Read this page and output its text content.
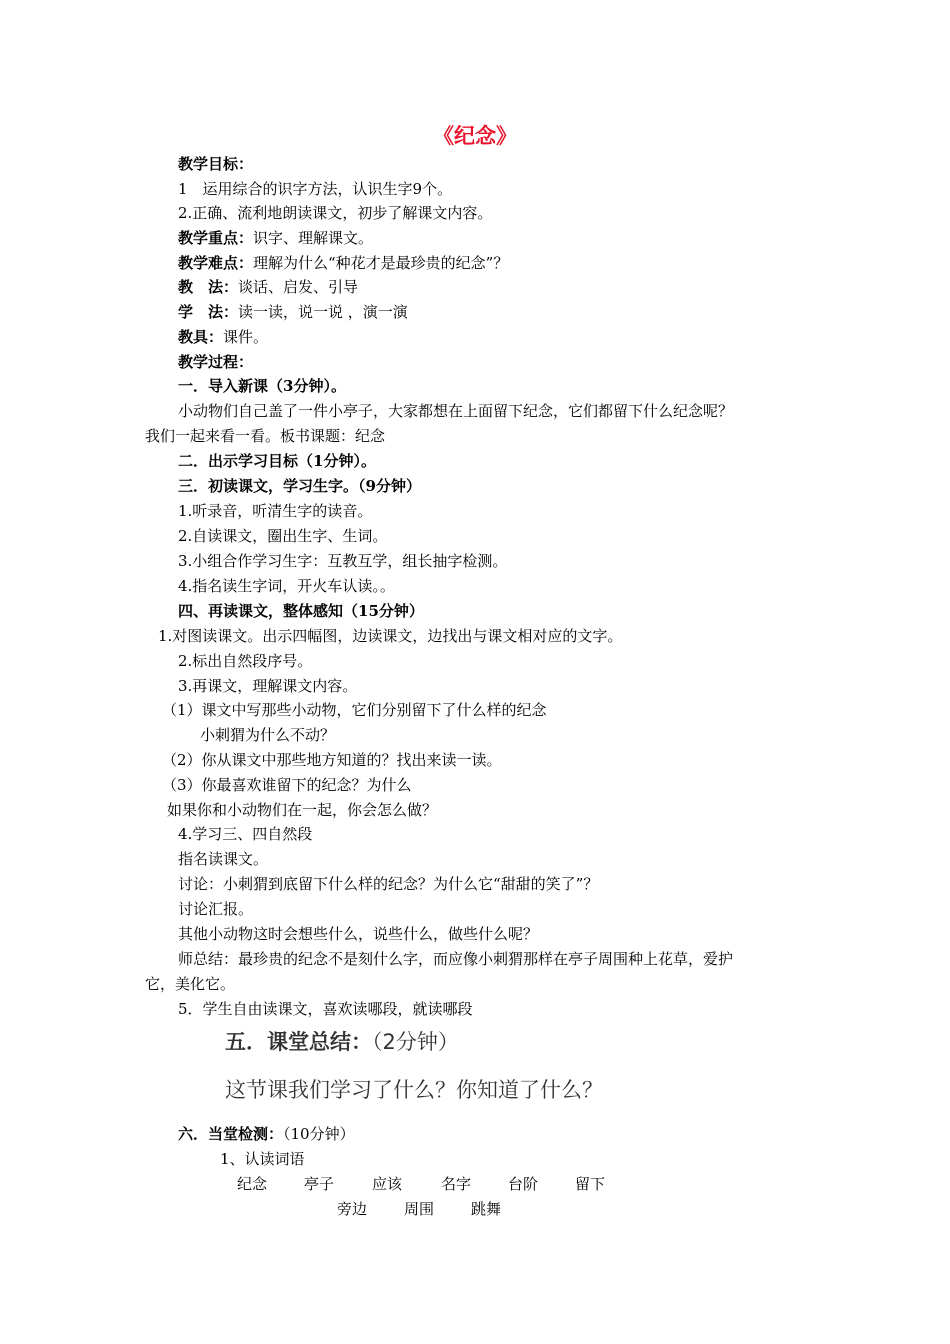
《纪念》
教学目标：
1　运用综合的识字方法，认识生字9个。
2.正确、流利地朗读课文，初步了解课文内容。
教学重点：识字、理解课文。
教学难点：理解为什么“种花才是最珍贵的纪念”？
教　法：谈话、启发、引导
学　法：读一读，说一说 ，演一演
教具：课件。
教学过程：
一．导入新课（3分钟）。
小动物们自己盖了一件小亭子，大家都想在上面留下纪念，它们都留下什么纪念呢？
我们一起来看一看。板书课题：纪念
二．出示学习目标（1分钟）。
三．初读课文，学习生字。（9分钟）
1.听录音，听清生字的读音。
2.自读课文，圈出生字、生词。
3.小组合作学习生字：互教互学，组长抽字检测。
4.指名读生字词，开火车认读。。
四、再读课文，整体感知（15分钟）
1.对图读课文。出示四幅图，边读课文，边找出与课文相对应的文字。
2.标出自然段序号。
3.再课文，理解课文内容。
（1）课文中写那些小动物，它们分别留下了什么样的纪念
小刺猬为什么不动？
（2）你从课文中那些地方知道的？找出来读一读。
（3）你最喜欢谁留下的纪念？为什么
如果你和小动物们在一起，你会怎么做？
4.学习三、四自然段
指名读课文。
讨论：小刺猬到底留下什么样的纪念？为什么它“甜甜的笑了”？
讨论汇报。
其他小动物这时会想些什么，说些什么，做些什么呢？
师总结：最珍贵的纪念不是刻什么字，而应像小刺猬那样在亭子周围种上花草，爱护
它，美化它。
5．学生自由读课文，喜欢读哪段，就读哪段
五．课堂总结：（2分钟）
这节课我们学习了什么？你知道了什么？
六．当堂检测：（10分钟）
1、认读词语
纪念 亭子	应该	名字 台阶 留下
旁边 周围 跳舞
